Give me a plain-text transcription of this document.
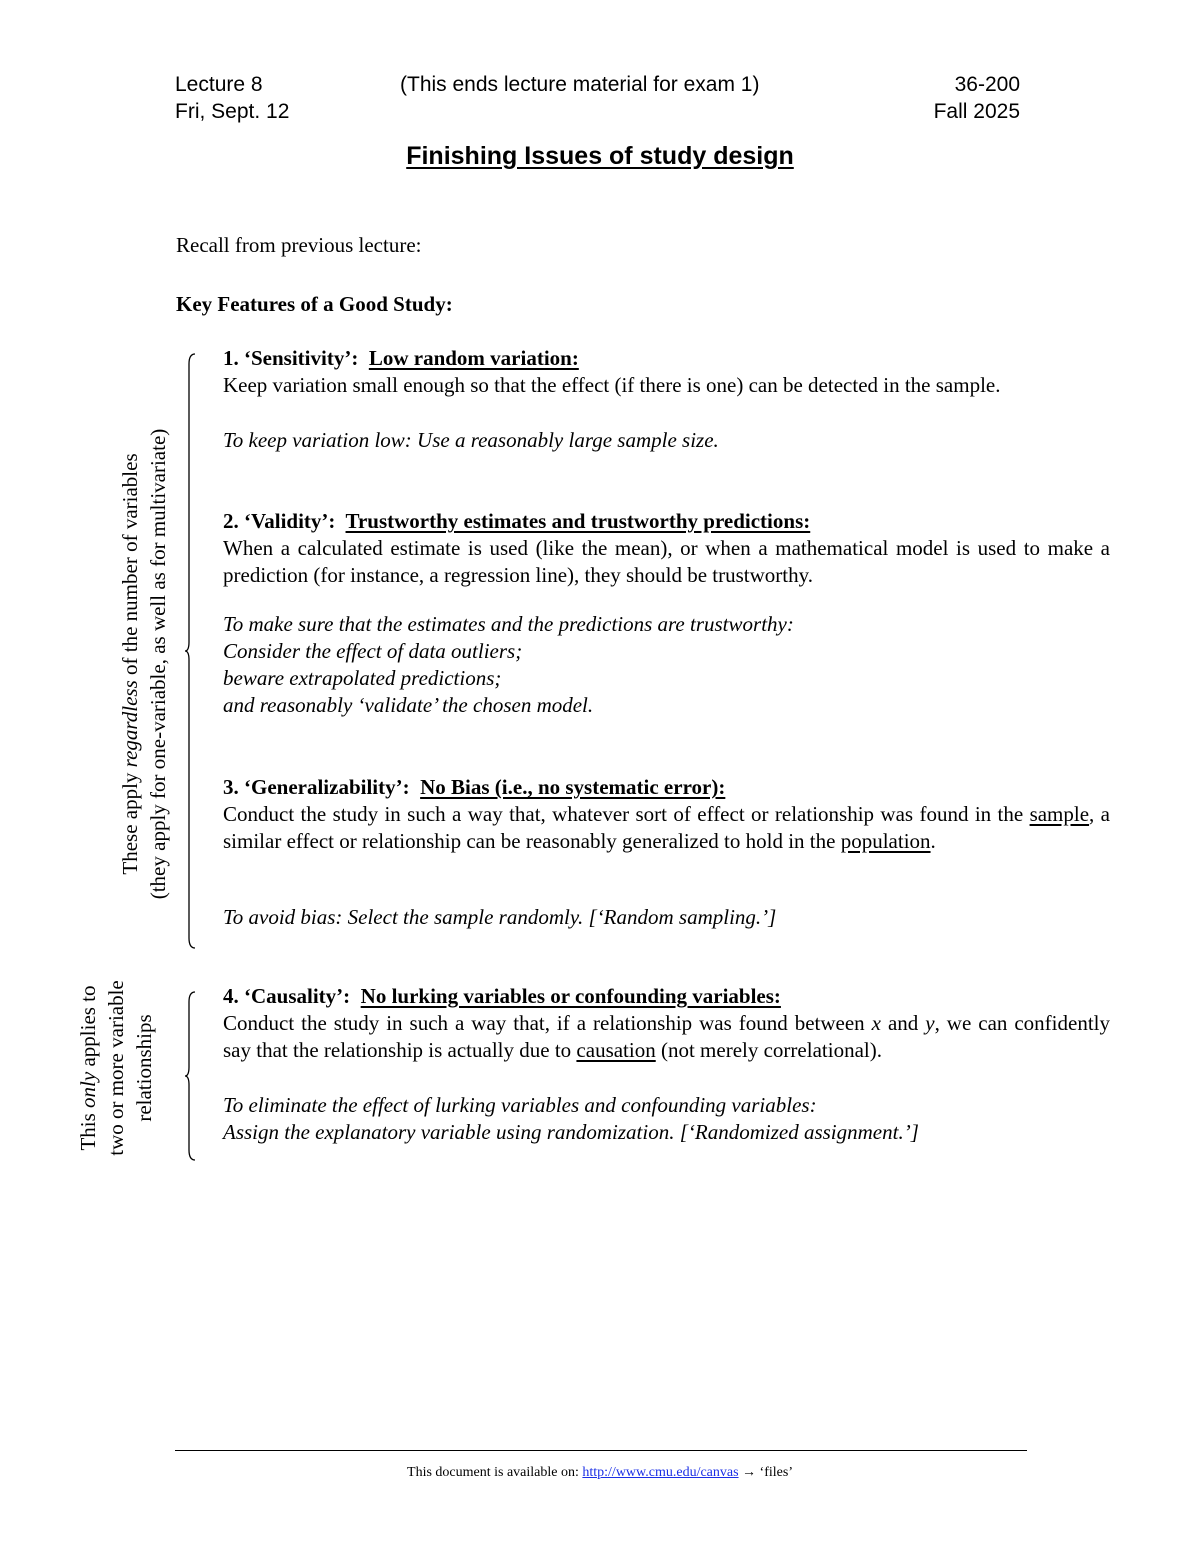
Lecture 8	(This ends lecture material for exam 1)	36-200
Fri, Sept. 12	Fall 2025
Finishing Issues of study design
Recall from previous lecture:
Key Features of a Good Study:
1. ‘Sensitivity’: Low random variation:
Keep variation small enough so that the effect (if there is one) can be detected in the sample.
To keep variation low: Use a reasonably large sample size.
2. ‘Validity’: Trustworthy estimates and trustworthy predictions:
When a calculated estimate is used (like the mean), or when a mathematical model is used to make a prediction (for instance, a regression line), they should be trustworthy.
To make sure that the estimates and the predictions are trustworthy:
Consider the effect of data outliers;
beware extrapolated predictions;
and reasonably ‘validate’ the chosen model.
3. ‘Generalizability’: No Bias (i.e., no systematic error):
Conduct the study in such a way that, whatever sort of effect or relationship was found in the sample, a similar effect or relationship can be reasonably generalized to hold in the population.
To avoid bias: Select the sample randomly. [‘Random sampling.’]
4. ‘Causality’: No lurking variables or confounding variables:
Conduct the study in such a way that, if a relationship was found between x and y, we can confidently say that the relationship is actually due to causation (not merely correlational).
To eliminate the effect of lurking variables and confounding variables:
Assign the explanatory variable using randomization. [‘Randomized assignment.’]
These apply regardless of the number of variables (they apply for one-variable, as well as for multivariate)
This only applies to two or more variable relationships
This document is available on: http://www.cmu.edu/canvas → ‘files’
